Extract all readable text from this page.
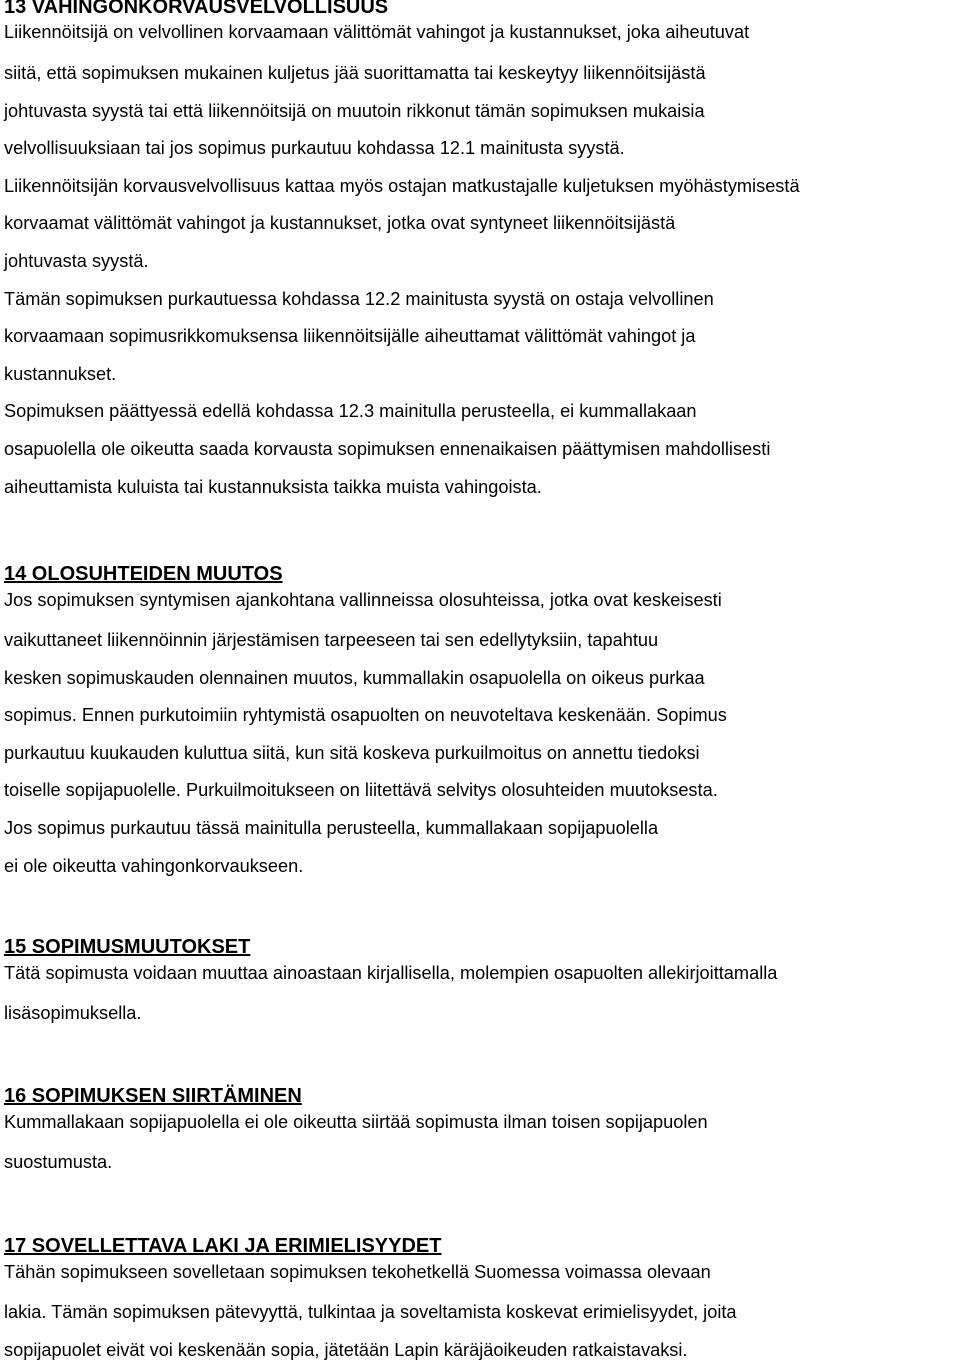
13 VAHINGONKORVAUSVELVOLLISUUS
Liikennöitsijä on velvollinen korvaamaan välittömät vahingot ja kustannukset, joka aiheutuvat
siitä, että sopimuksen mukainen kuljetus jää suorittamatta tai keskeytyy liikennöitsijästä
johtuvasta syystä tai että liikennöitsijä on muutoin rikkonut tämän sopimuksen mukaisia
velvollisuuksiaan tai jos sopimus purkautuu kohdassa 12.1 mainitusta syystä.
Liikennöitsijän korvausvelvollisuus kattaa myös ostajan matkustajalle kuljetuksen myöhästymisestä
korvaamat välittömät vahingot ja kustannukset, jotka ovat syntyneet liikennöitsijästä
johtuvasta syystä.
Tämän sopimuksen purkautuessa kohdassa 12.2 mainitusta syystä on ostaja velvollinen
korvaamaan sopimusrikkomuksensa liikennöitsijälle aiheuttamat välittömät vahingot ja
kustannukset.
Sopimuksen päättyessä edellä kohdassa 12.3 mainitulla perusteella, ei kummallakaan
osapuolella ole oikeutta saada korvausta sopimuksen ennenaikaisen päättymisen mahdollisesti
aiheuttamista kuluista tai kustannuksista taikka muista vahingoista.
14 OLOSUHTEIDEN MUUTOS
Jos sopimuksen syntymisen ajankohtana vallinneissa olosuhteissa, jotka ovat keskeisesti
vaikuttaneet liikennöinnin järjestämisen tarpeeseen tai sen edellytyksiin, tapahtuu
kesken sopimuskauden olennainen muutos, kummallakin osapuolella on oikeus purkaa
sopimus. Ennen purkutoimiin ryhtymistä osapuolten on neuvoteltava keskenään. Sopimus
purkautuu kuukauden kuluttua siitä, kun sitä koskeva purkuilmoitus on annettu tiedoksi
toiselle sopijapuolelle. Purkuilmoitukseen on liitettävä selvitys olosuhteiden muutoksesta.
Jos sopimus purkautuu tässä mainitulla perusteella, kummallakaan sopijapuolella
ei ole oikeutta vahingonkorvaukseen.
15 SOPIMUSMUUTOKSET
Tätä sopimusta voidaan muuttaa ainoastaan kirjallisella, molempien osapuolten allekirjoittamalla
lisäsopimuksella.
16 SOPIMUKSEN SIIRTÄMINEN
Kummallakaan sopijapuolella ei ole oikeutta siirtää sopimusta ilman toisen sopijapuolen
suostumusta.
17 SOVELLETTAVA LAKI JA ERIMIELISYYDET
Tähän sopimukseen sovelletaan sopimuksen tekohetkellä Suomessa voimassa olevaan
lakia. Tämän sopimuksen pätevyyttä, tulkintaa ja soveltamista koskevat erimielisyydet, joita
sopijapuolet eivät voi keskenään sopia, jätetään Lapin käräjäoikeuden ratkaistavaksi.
